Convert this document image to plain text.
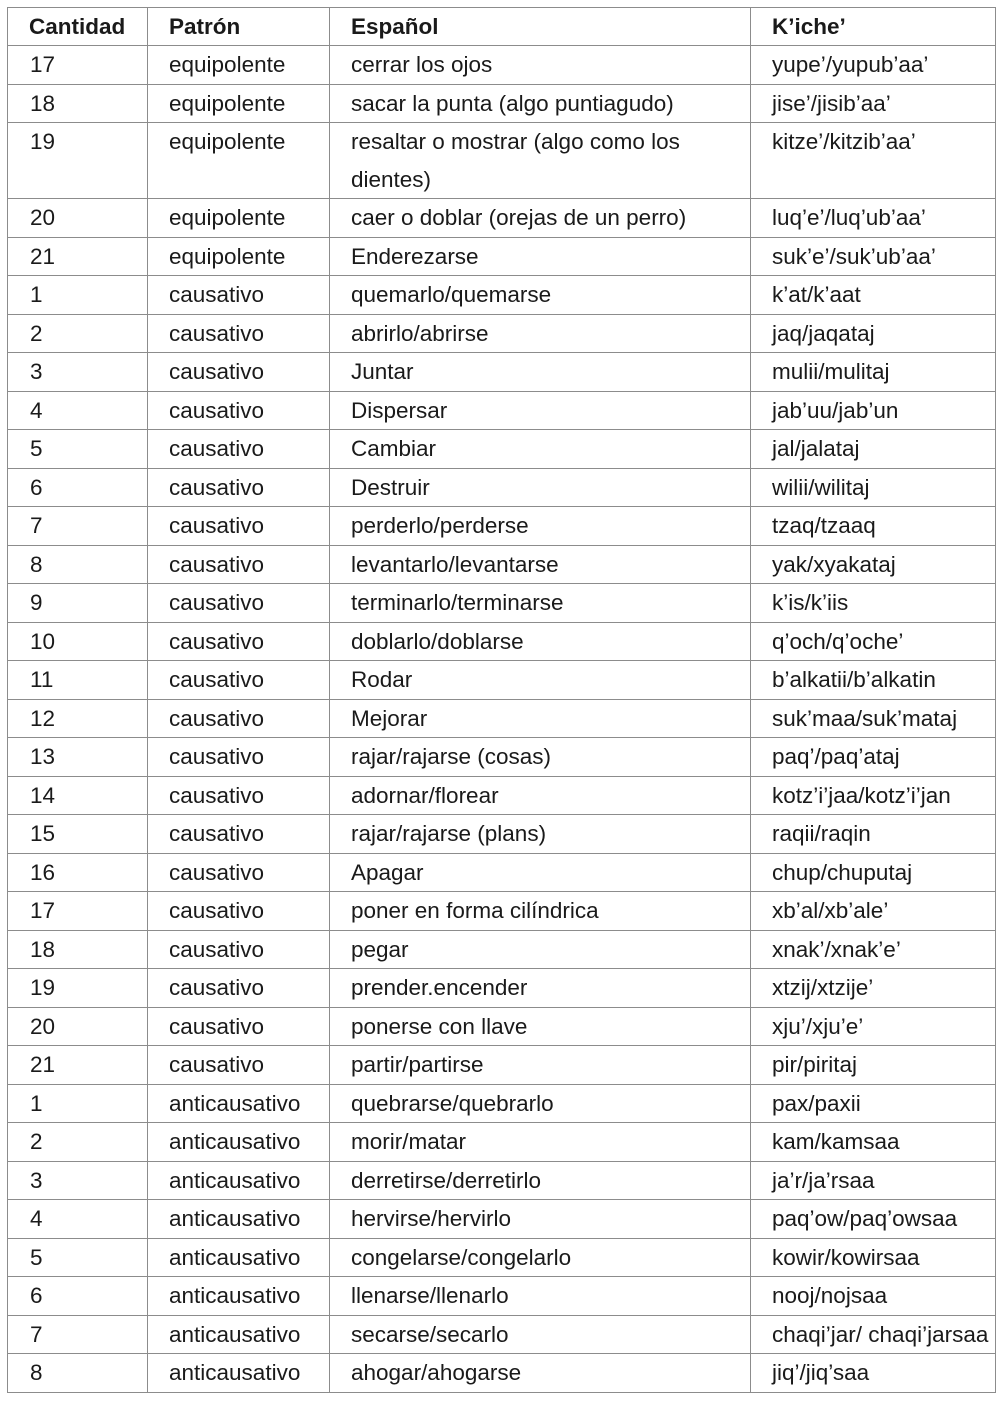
Cantidad	Patrón	Español	K’iche’
17	equipolente	cerrar los ojos	yupe’/yupub’aa’
18	equipolente	sacar la punta (algo puntiagudo)	jise’/jisib’aa’
19	equipolente	resaltar o mostrar (algo como los dientes)	kitze’/kitzib’aa’
20	equipolente	caer o doblar (orejas de un perro)	luq’e’/luq’ub’aa’
21	equipolente	Enderezarse	suk’e’/suk’ub’aa’
1	causativo	quemarlo/quemarse	k’at/k’aat
2	causativo	abrirlo/abrirse	jaq/jaqataj
3	causativo	Juntar	mulii/mulitaj
4	causativo	Dispersar	jab’uu/jab’un
5	causativo	Cambiar	jal/jalataj
6	causativo	Destruir	wilii/wilitaj
7	causativo	perderlo/perderse	tzaq/tzaaq
8	causativo	levantarlo/levantarse	yak/xyakataj
9	causativo	terminarlo/terminarse	k’is/k’iis
10	causativo	doblarlo/doblarse	q’och/q’oche’
11	causativo	Rodar	b’alkatii/b’alkatin
12	causativo	Mejorar	suk’maa/suk’mataj
13	causativo	rajar/rajarse (cosas)	paq’/paq’ataj
14	causativo	adornar/florear	kotz’i’jaa/kotz’i’jan
15	causativo	rajar/rajarse (plans)	raqii/raqin
16	causativo	Apagar	chup/chuputaj
17	causativo	poner en forma cilíndrica	xb’al/xb’ale’
18	causativo	pegar	xnak’/xnak’e’
19	causativo	prender.encender	xtzij/xtzije’
20	causativo	ponerse con llave	xju’/xju’e’
21	causativo	partir/partirse	pir/piritaj
1	anticausativo	quebrarse/quebrarlo	pax/paxii
2	anticausativo	morir/matar	kam/kamsaa
3	anticausativo	derretirse/derretirlo	ja’r/ja’rsaa
4	anticausativo	hervirse/hervirlo	paq’ow/paq’owsaa
5	anticausativo	congelarse/congelarlo	kowir/kowirsaa
6	anticausativo	llenarse/llenarlo	nooj/nojsaa
7	anticausativo	secarse/secarlo	chaqi’jar/ chaqi’jarsaa
8	anticausativo	ahogar/ahogarse	jiq’/jiq’saa
